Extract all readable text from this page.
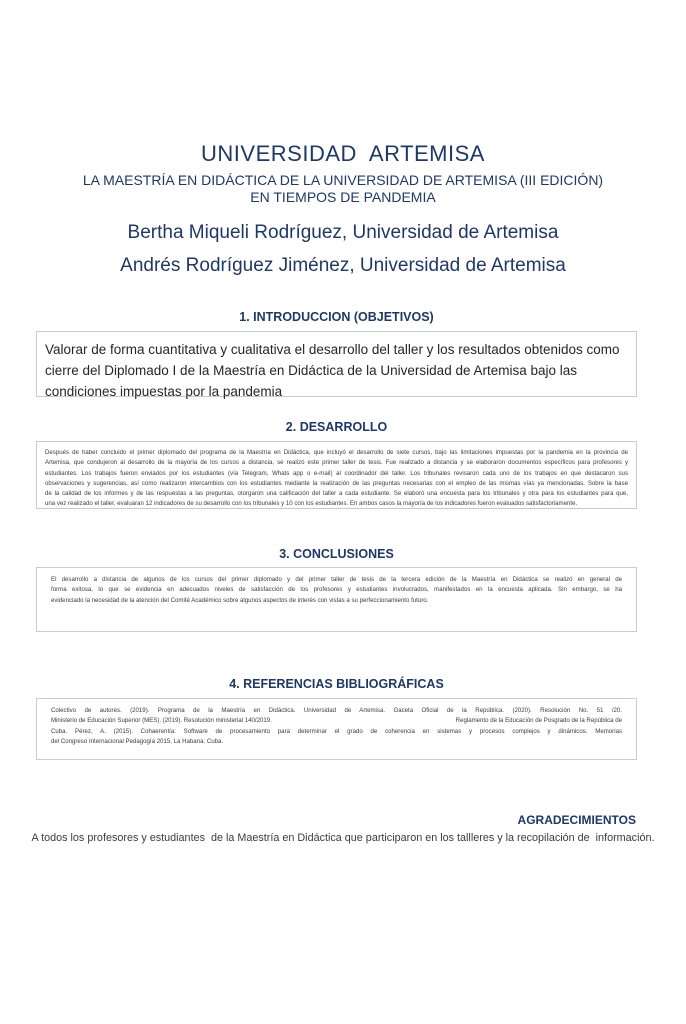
UNIVERSIDAD  ARTEMISA
LA MAESTRÍA EN DIDÁCTICA DE LA UNIVERSIDAD DE ARTEMISA (III EDICIÓN)
EN TIEMPOS DE PANDEMIA
Bertha Miqueli Rodríguez, Universidad de Artemisa
Andrés Rodríguez Jiménez, Universidad de Artemisa
1. INTRODUCCION (OBJETIVOS)
Valorar de forma cuantitativa y cualitativa el desarrollo del taller y los resultados obtenidos como cierre del Diplomado I de la Maestría en Didáctica de la Universidad de Artemisa bajo las condiciones impuestas por la pandemia
2. DESARROLLO
Después de haber concluido el primer diplomado del programa de la Maestría en Didáctica, que incluyó el desarrollo de siete cursos, bajo las limitaciones impuestas por la pandemia en la provincia de
Artemisa, que condujeron al desarrollo de la mayoría de los cursos a distancia, se realizó este primer taller de tesis. Fue realizado a distancia y se elaboraron documentos específicos para profesores y
estudiantes. Los trabajos fueron enviados por los estudiantes (vía Telegram, Whats app o e-mail) al coordinador del taller. Los tribunales revisaron cada uno de los trabajos en que destacaron sus
observaciones y sugerencias, así como realizaron intercambios con los estudiantes mediante la realización de las preguntas necesarias con el empleo de las mismas vías ya mencionadas. Sobre la base
de la calidad de los informes y de las respuestas a las preguntas, otorgaron una calificación del taller a cada estudiante. Se elaboró una encuesta para los tribunales y otra para los estudiantes para que,
una vez realizado el taller, evaluaran 12 indicadores de su desarrollo con los tribunales y 10 con los estudiantes. En ambos casos la mayoría de los indicadores fueron evaluados satisfactoriamente.
3. CONCLUSIONES
El desarrollo a distancia de algunos de los cursos del primer diplomado y del primer taller de tesis de la tercera edición de la Maestría en Didáctica se realizó en general de
forma exitosa, lo que se evidencia en adecuados niveles de satisfacción de los profesores y estudiantes involucrados, manifestados en la encuesta aplicada. Sin embargo, se ha
evidenciado la necesidad de la atención del Comité Académico sobre algunos aspectos de interés con vistas a su perfeccionamiento futuro.
4. REFERENCIAS BIBLIOGRÁFICAS
Colectivo de autores. (2019). Programa de la Maestría en Didáctica. Universidad de Artemisa. Gaceta Oficial de la República. (2020). Resolución No. 51 /20.
Ministerio de Educación Superior (MES). (2019). Resolución ministerial 140/2019.	Reglamento de la Educación de Posgrado de la República de
Cuba. Pérez, A. (2015). Cohaerentía: Software de procesamiento para determinar el grado de coherencia en sistemas y procesos complejos y dinámicos. Memorias
del Congreso Internacional Pedagogía 2015, La Habana: Cuba.
AGRADECIMIENTOS
A todos los profesores y estudiantes  de la Maestría en Didáctica que participaron en los tallleres y la recopilación de  información.
